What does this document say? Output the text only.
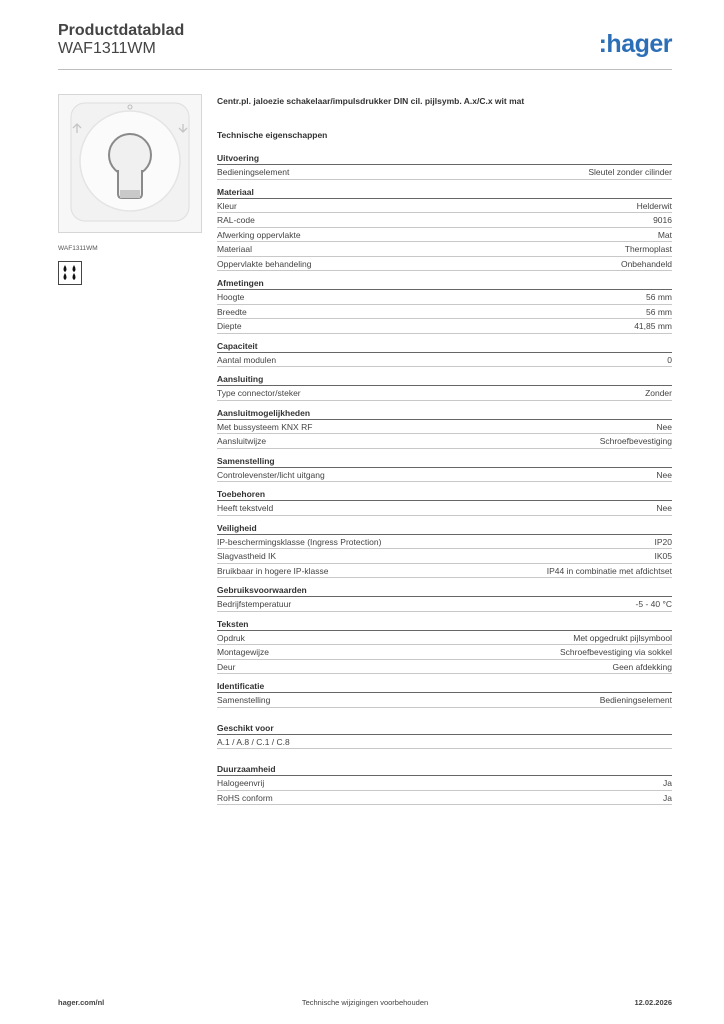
Productdatablad
WAF1311WM	:hager
WAF1311WM
Centr.pl. jaloezie schakelaar/impulsdrukker DIN cil. pijlsymb. A.x/C.x wit mat
Technische eigenschappen
Uitvoering
Bedieningselement	Sleutel zonder cilinder
Materiaal
Kleur	Helderwit
RAL-code	9016
Afwerking oppervlakte	Mat
Materiaal	Thermoplast
Oppervlakte behandeling	Onbehandeld
Afmetingen
Hoogte	56 mm
Breedte	56 mm
Diepte	41,85 mm
Capaciteit
Aantal modulen	0
Aansluiting
Type connector/steker	Zonder
Aansluitmogelijkheden
Met bussysteem KNX RF	Nee
Aansluitwijze	Schroefbevestiging
Samenstelling
Controlevenster/licht uitgang	Nee
Toebehoren
Heeft tekstveld	Nee
Veiligheid
IP-beschermingsklasse (Ingress Protection)	IP20
Slagvastheid IK	IK05
Bruikbaar in hogere IP-klasse	IP44 in combinatie met afdichtset
Gebruiksvoorwaarden
Bedrijfstemperatuur	-5 - 40 °C
Teksten
Opdruk	Met opgedrukt pijlsymbool
Montagewijze	Schroefbevestiging via sokkel
Deur	Geen afdekking
Identificatie
Samenstelling	Bedieningselement
Geschikt voor
A.1 / A.8 / C.1 / C.8
Duurzaamheid
Halogeenvrij	Ja
RoHS conform	Ja
hager.com/nl	Technische wijzigingen voorbehouden	12.02.2026
